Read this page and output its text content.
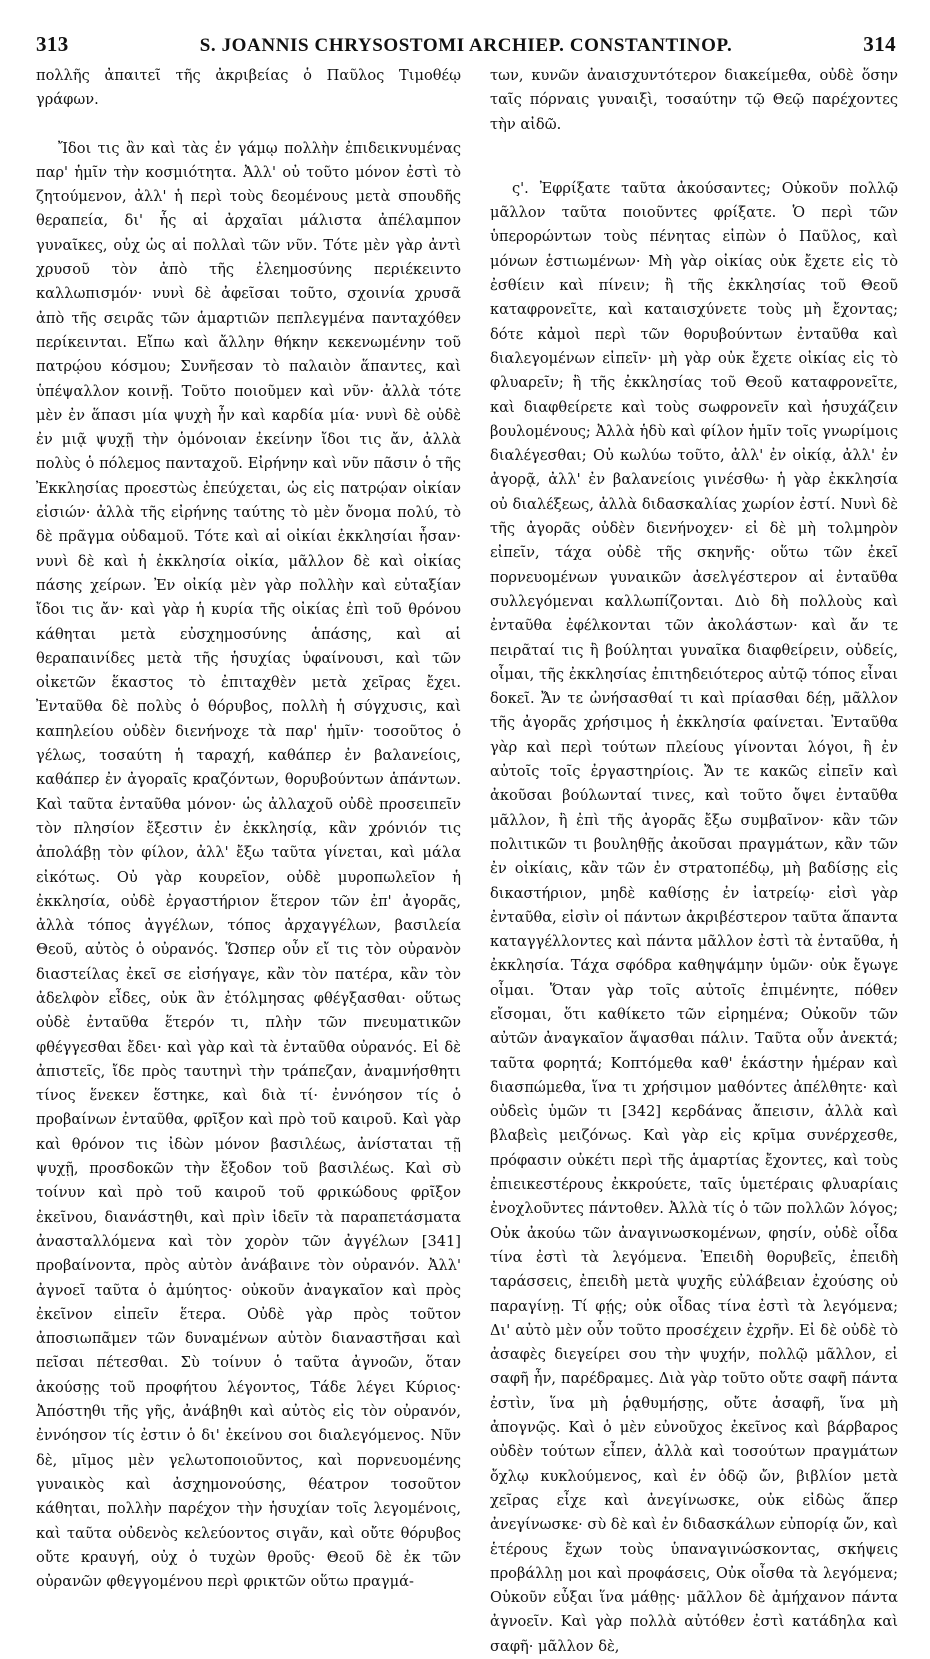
313	S. JOANNIS CHRYSOSTOMI ARCHIEP. CONSTANTINOP.	314

πολλῆς ἀπαιτεῖ τῆς ἀκριβείας ὁ Παῦλος Τιμοθέῳ γράφων.

Ἴδοι τις ἂν καὶ τὰς ἐν γάμῳ πολλὴν ἐπιδεικνυμένας παρ' ἡμῖν τὴν κοσμιότητα. Ἀλλ' οὐ τοῦτο μόνον ἐστὶ τὸ ζητούμενον, ἀλλ' ἡ περὶ τοὺς δεομένους μετὰ σπουδῆς θεραπεία, δι' ἧς αἱ ἀρχαῖαι μάλιστα ἀπέλαμπον γυναῖκες, οὐχ ὡς αἱ πολλαὶ τῶν νῦν. Τότε μὲν γὰρ ἀντὶ χρυσοῦ τὸν ἀπὸ τῆς ἐλεημοσύνης περιέκειντο καλλωπισμόν· νυνὶ δὲ ἀφεῖσαι τοῦτο, σχοινία χρυσᾶ ἀπὸ τῆς σειρᾶς τῶν ἁμαρτιῶν πεπλεγμένα πανταχόθεν περίκεινται. Εἴπω καὶ ἄλλην θήκην κεκενωμένην τοῦ πατρῴου κόσμου; Συνῆεσαν τὸ παλαιὸν ἅπαντες, καὶ ὑπέψαλλον κοινῇ. Τοῦτο ποιοῦμεν καὶ νῦν· ἀλλὰ τότε μὲν ἐν ἅπασι μία ψυχὴ ἦν καὶ καρδία μία· νυνὶ δὲ οὐδὲ ἐν μιᾷ ψυχῇ τὴν ὁμόνοιαν ἐκείνην ἴδοι τις ἄν, ἀλλὰ πολὺς ὁ πόλεμος πανταχοῦ. Εἰρήνην καὶ νῦν πᾶσιν ὁ τῆς Ἐκκλησίας προεστὼς ἐπεύχεται, ὡς εἰς πατρῴαν οἰκίαν εἰσιών· ἀλλὰ τῆς εἰρήνης ταύτης τὸ μὲν ὄνομα πολύ, τὸ δὲ πρᾶγμα οὐδαμοῦ. Τότε καὶ αἱ οἰκίαι ἐκκλησίαι ἦσαν· νυνὶ δὲ καὶ ἡ ἐκκλησία οἰκία, μᾶλλον δὲ καὶ οἰκίας πάσης χείρων. Ἐν οἰκίᾳ μὲν γὰρ πολλὴν καὶ εὐταξίαν ἴδοι τις ἄν· καὶ γὰρ ἡ κυρία τῆς οἰκίας ἐπὶ τοῦ θρόνου κάθηται μετὰ εὐσχημοσύνης ἁπάσης, καὶ αἱ θεραπαινίδες μετὰ τῆς ἡσυχίας ὑφαίνουσι, καὶ τῶν οἰκετῶν ἕκαστος τὸ ἐπιταχθὲν μετὰ χεῖρας ἔχει. Ἐνταῦθα δὲ πολὺς ὁ θόρυβος, πολλὴ ἡ σύγχυσις, καὶ καπηλείου οὐδὲν διενήνοχε τὰ παρ' ἡμῖν· τοσοῦτος ὁ γέλως, τοσαύτη ἡ ταραχή, καθάπερ ἐν βαλανείοις, καθάπερ ἐν ἀγοραῖς κραζόντων, θορυβούντων ἁπάντων. Καὶ ταῦτα ἐνταῦθα μόνον· ὡς ἀλλαχοῦ οὐδὲ προσειπεῖν τὸν πλησίον ἔξεστιν ἐν ἐκκλησίᾳ, κἂν χρόνιόν τις ἀπολάβῃ τὸν φίλον, ἀλλ' ἔξω ταῦτα γίνεται, καὶ μάλα εἰκότως. Οὐ γὰρ κουρεῖον, οὐδὲ μυροπωλεῖον ἡ ἐκκλησία, οὐδὲ ἐργαστήριον ἕτερον τῶν ἐπ' ἀγορᾶς, ἀλλὰ τόπος ἀγγέλων, τόπος ἀρχαγγέλων, βασιλεία Θεοῦ, αὐτὸς ὁ οὐρανός. Ὥσπερ οὖν εἴ τις τὸν οὐρανὸν διαστείλας ἐκεῖ σε εἰσήγαγε, κἂν τὸν πατέρα, κἂν τὸν ἀδελφὸν εἶδες, οὐκ ἂν ἐτόλμησας φθέγξασθαι· οὕτως οὐδὲ ἐνταῦθα ἕτερόν τι, πλὴν τῶν πνευματικῶν φθέγγεσθαι ἔδει· καὶ γὰρ καὶ τὰ ἐνταῦθα οὐρανός. Εἰ δὲ ἀπιστεῖς, ἴδε πρὸς ταυτηνὶ τὴν τράπεζαν, ἀναμνήσθητι τίνος ἕνεκεν ἕστηκε, καὶ διὰ τί· ἐννόησον τίς ὁ προβαίνων ἐνταῦθα, φρῖξον καὶ πρὸ τοῦ καιροῦ. Καὶ γὰρ καὶ θρόνον τις ἰδὼν μόνον βασιλέως, ἀνίσταται τῇ ψυχῇ, προσδοκῶν τὴν ἔξοδον τοῦ βασιλέως. Καὶ σὺ τοίνυν καὶ πρὸ τοῦ καιροῦ τοῦ φρικώδους φρῖξον ἐκεῖνου, διανάστηθι, καὶ πρὶν ἰδεῖν τὰ παραπετάσματα ἀνασταλλόμενα καὶ τὸν χορὸν τῶν ἀγγέλων [341] προβαίνοντα, πρὸς αὐτὸν ἀνάβαινε τὸν οὐρανόν. Ἀλλ' ἀγνοεῖ ταῦτα ὁ ἀμύητος· οὐκοῦν ἀναγκαῖον καὶ πρὸς ἐκεῖνον εἰπεῖν ἕτερα. Οὐδὲ γὰρ πρὸς τοῦτον ἀποσιωπᾶμεν τῶν δυναμένων αὐτὸν διαναστῆσαι καὶ πεῖσαι πέτεσθαι. Σὺ τοίνυν ὁ ταῦτα ἀγνοῶν, ὅταν ἀκούσῃς τοῦ προφήτου λέγοντος, Τάδε λέγει Κύριος· Ἀπόστηθι τῆς γῆς, ἀνάβηθι καὶ αὐτὸς εἰς τὸν οὐρανόν, ἐννόησον τίς ἐστιν ὁ δι' ἐκείνου σοι διαλεγόμενος. Νῦν δὲ, μῖμος μὲν γελωτοποιοῦντος, καὶ πορνευομένης γυναικὸς καὶ ἀσχημονούσης, θέατρον τοσοῦτον κάθηται, πολλὴν παρέχον τὴν ἡσυχίαν τοῖς λεγομένοις, καὶ ταῦτα οὐδενὸς κελεύοντος σιγᾶν, καὶ οὔτε θόρυβος οὔτε κραυγή, οὐχ ὁ τυχὼν θροῦς· Θεοῦ δὲ ἐκ τῶν οὐρανῶν φθεγγομένου περὶ φρικτῶν οὕτω πραγμά-

των, κυνῶν ἀναισχυντότερον διακείμεθα, οὐδὲ ὅσην ταῖς πόρναις γυναιξὶ, τοσαύτην τῷ Θεῷ παρέχοντες τὴν αἰδῶ.

ς'. Ἐφρίξατε ταῦτα ἀκούσαντες; Οὐκοῦν πολλῷ μᾶλλον ταῦτα ποιοῦντες φρίξατε. Ὁ περὶ τῶν ὑπερορώντων τοὺς πένητας εἰπὼν ὁ Παῦλος, καὶ μόνων ἑστιωμένων· Μὴ γὰρ οἰκίας οὐκ ἔχετε εἰς τὸ ἐσθίειν καὶ πίνειν; ἢ τῆς ἐκκλησίας τοῦ Θεοῦ καταφρονεῖτε, καὶ καταισχύνετε τοὺς μὴ ἔχοντας; δότε κἀμοὶ περὶ τῶν θορυβούντων ἐνταῦθα καὶ διαλεγομένων εἰπεῖν· μὴ γὰρ οὐκ ἔχετε οἰκίας εἰς τὸ φλυαρεῖν; ἢ τῆς ἐκκλησίας τοῦ Θεοῦ καταφρονεῖτε, καὶ διαφθείρετε καὶ τοὺς σωφρονεῖν καὶ ἡσυχάζειν βουλομένους; Ἀλλὰ ἡδὺ καὶ φίλον ἡμῖν τοῖς γνωρίμοις διαλέγεσθαι; Οὐ κωλύω τοῦτο, ἀλλ' ἐν οἰκίᾳ, ἀλλ' ἐν ἀγορᾷ, ἀλλ' ἐν βαλανείοις γινέσθω· ἡ γὰρ ἐκκλησία οὐ διαλέξεως, ἀλλὰ διδασκαλίας χωρίον ἐστί. Νυνὶ δὲ τῆς ἀγορᾶς οὐδὲν διενήνοχεν· εἰ δὲ μὴ τολμηρὸν εἰπεῖν, τάχα οὐδὲ τῆς σκηνῆς· οὕτω τῶν ἐκεῖ πορνευομένων γυναικῶν ἀσελγέστερον αἱ ἐνταῦθα συλλεγόμεναι καλλωπίζονται. Διὸ δὴ πολλοὺς καὶ ἐνταῦθα ἐφέλκονται τῶν ἀκολάστων· καὶ ἄν τε πειρᾶταί τις ἢ βούληται γυναῖκα διαφθείρειν, οὐδείς, οἶμαι, τῆς ἐκκλησίας ἐπιτηδειότερος αὐτῷ τόπος εἶναι δοκεῖ. Ἄν τε ὠνήσασθαί τι καὶ πρίασθαι δέῃ, μᾶλλον τῆς ἀγορᾶς χρήσιμος ἡ ἐκκλησία φαίνεται. Ἐνταῦθα γὰρ καὶ περὶ τούτων πλείους γίνονται λόγοι, ἢ ἐν αὐτοῖς τοῖς ἐργαστηρίοις. Ἄν τε κακῶς εἰπεῖν καὶ ἀκοῦσαι βούλωνταί τινες, καὶ τοῦτο ὄψει ἐνταῦθα μᾶλλον, ἢ ἐπὶ τῆς ἀγορᾶς ἔξω συμβαῖνον· κἂν τῶν πολιτικῶν τι βουληθῇς ἀκοῦσαι πραγμάτων, κἂν τῶν ἐν οἰκίαις, κἂν τῶν ἐν στρατοπέδῳ, μὴ βαδίσῃς εἰς δικαστήριον, μηδὲ καθίσῃς ἐν ἰατρείῳ· εἰσὶ γὰρ ἐνταῦθα, εἰσὶν οἱ πάντων ἀκριβέστερον ταῦτα ἅπαντα καταγγέλλοντες καὶ πάντα μᾶλλον ἐστὶ τὰ ἐνταῦθα, ἡ ἐκκλησία. Τάχα σφόδρα καθηψάμην ὑμῶν· οὐκ ἔγωγε οἶμαι. Ὅταν γὰρ τοῖς αὐτοῖς ἐπιμένητε, πόθεν εἴσομαι, ὅτι καθίκετο τῶν εἰρημένα; Οὐκοῦν τῶν αὐτῶν ἀναγκαῖον ἅψασθαι πάλιν. Ταῦτα οὖν ἀνεκτά; ταῦτα φορητά; Κοπτόμεθα καθ' ἑκάστην ἡμέραν καὶ διασπώμεθα, ἵνα τι χρήσιμον μαθόντες ἀπέλθητε· καὶ οὐδεὶς ὑμῶν τι [342] κερδάνας ἄπεισιν, ἀλλὰ καὶ βλαβεὶς μειζόνως. Καὶ γὰρ εἰς κρῖμα συνέρχεσθε, πρόφασιν οὐκέτι περὶ τῆς ἁμαρτίας ἔχοντες, καὶ τοὺς ἐπιεικεστέρους ἐκκρούετε, ταῖς ὑμετέραις φλυαρίαις ἐνοχλοῦντες πάντοθεν. Ἀλλὰ τίς ὁ τῶν πολλῶν λόγος; Οὐκ ἀκούω τῶν ἀναγινωσκομένων, φησίν, οὐδὲ οἶδα τίνα ἐστὶ τὰ λεγόμενα. Ἐπειδὴ θορυβεῖς, ἐπειδὴ ταράσσεις, ἐπειδὴ μετὰ ψυχῆς εὐλάβειαν ἐχούσης οὐ παραγίνῃ. Τί φῄς; οὐκ οἶδας τίνα ἐστὶ τὰ λεγόμενα; Δι' αὐτὸ μὲν οὖν τοῦτο προσέχειν ἐχρῆν. Εἰ δὲ οὐδὲ τὸ ἀσαφὲς διεγείρει σου τὴν ψυχήν, πολλῷ μᾶλλον, εἰ σαφῆ ἦν, παρέδραμες. Διὰ γὰρ τοῦτο οὔτε σαφῆ πάντα ἐστὶν, ἵνα μὴ ῥᾳθυμήσῃς, οὔτε ἀσαφῆ, ἵνα μὴ ἀπογνῷς. Καὶ ὁ μὲν εὐνοῦχος ἐκεῖνος καὶ βάρβαρος οὐδὲν τούτων εἶπεν, ἀλλὰ καὶ τοσούτων πραγμάτων ὄχλῳ κυκλούμενος, καὶ ἐν ὁδῷ ὤν, βιβλίον μετὰ χεῖρας εἶχε καὶ ἀνεγίνωσκε, οὐκ εἰδὼς ἅπερ ἀνεγίνωσκε· σὺ δὲ καὶ ἐν διδασκάλων εὐπορίᾳ ὤν, καὶ ἑτέρους ἔχων τοὺς ὑπαναγινώσκοντας, σκήψεις προβάλλῃ μοι καὶ προφάσεις, Οὐκ οἶσθα τὰ λεγόμενα; Οὐκοῦν εὖξαι ἵνα μάθῃς· μᾶλλον δὲ ἀμήχανον πάντα ἀγνοεῖν. Καὶ γὰρ πολλὰ αὐτόθεν ἐστὶ κατάδηλα καὶ σαφῆ· μᾶλλον δὲ,
